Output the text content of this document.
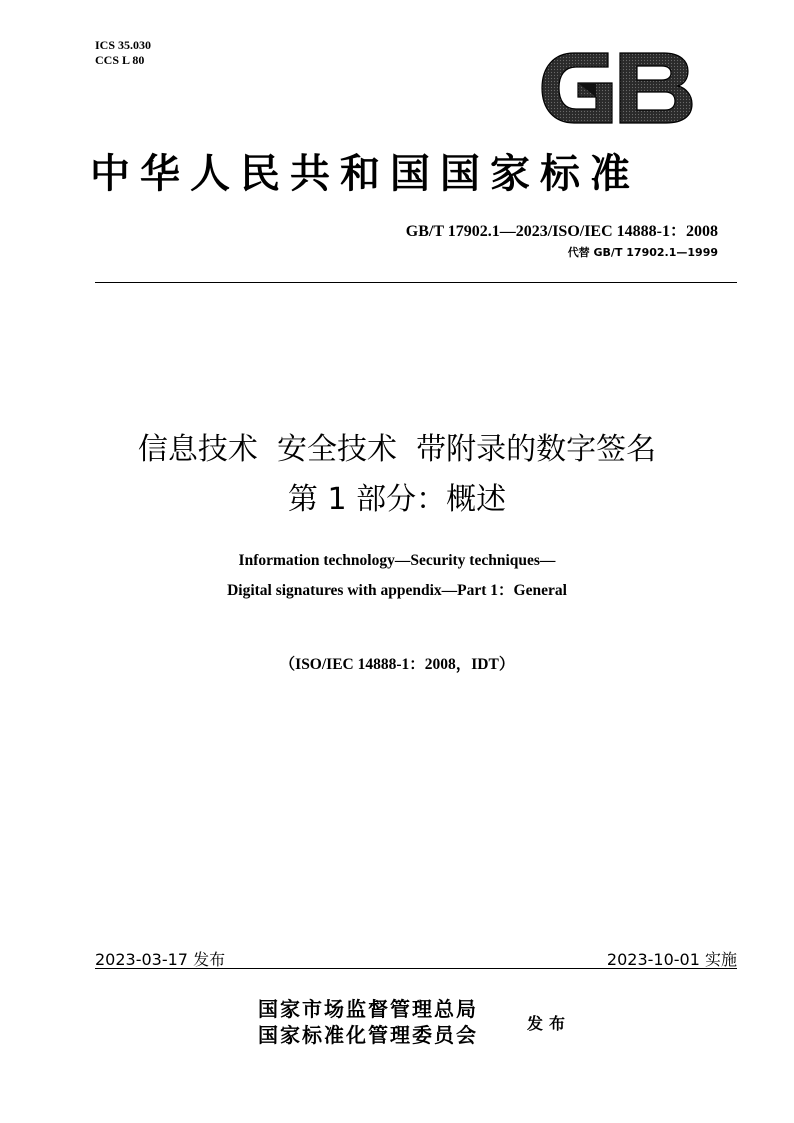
ICS 35.030
CCS L 80
中华人民共和国国家标准
GB/T 17902.1—2023/ISO/IEC 14888-1：2008
代替 GB/T 17902.1—1999
信息技术  安全技术  带附录的数字签名
第 1 部分：概述
Information technology—Security techniques—
Digital signatures with appendix—Part 1：General
（ISO/IEC 14888-1：2008，IDT）
2023-03-17 发布	2023-10-01 实施
国家市场监督管理总局
国家标准化管理委员会	发布
